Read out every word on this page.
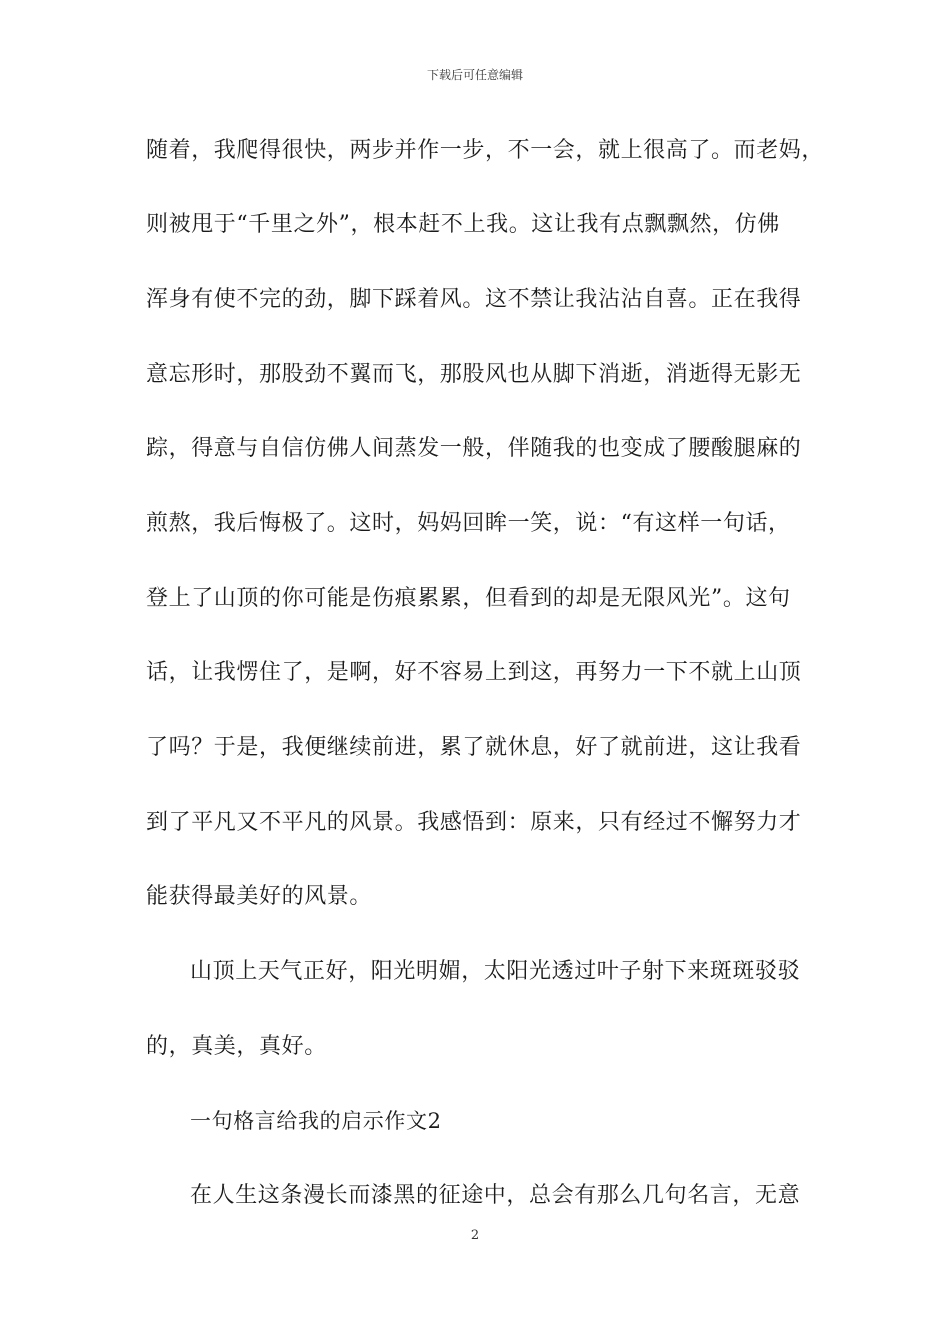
下载后可任意编辑
随着，我爬得很快，两步并作一步，不一会，就上很高了。而老妈，
则被甩于“千里之外”，根本赶不上我。这让我有点飘飘然，仿佛
浑身有使不完的劲，脚下踩着风。这不禁让我沾沾自喜。正在我得
意忘形时，那股劲不翼而飞，那股风也从脚下消逝，消逝得无影无
踪，得意与自信仿佛人间蒸发一般，伴随我的也变成了腰酸腿麻的
煎熬，我后悔极了。这时，妈妈回眸一笑，说：“有这样一句话，
登上了山顶的你可能是伤痕累累，但看到的却是无限风光”。这句
话，让我愣住了，是啊，好不容易上到这，再努力一下不就上山顶
了吗？于是，我便继续前进，累了就休息，好了就前进，这让我看
到了平凡又不平凡的风景。我感悟到：原来，只有经过不懈努力才
能获得最美好的风景。
山顶上天气正好，阳光明媚，太阳光透过叶子射下来斑斑驳驳
的，真美，真好。
一句格言给我的启示作文2
在人生这条漫长而漆黑的征途中，总会有那么几句名言，无意
2
